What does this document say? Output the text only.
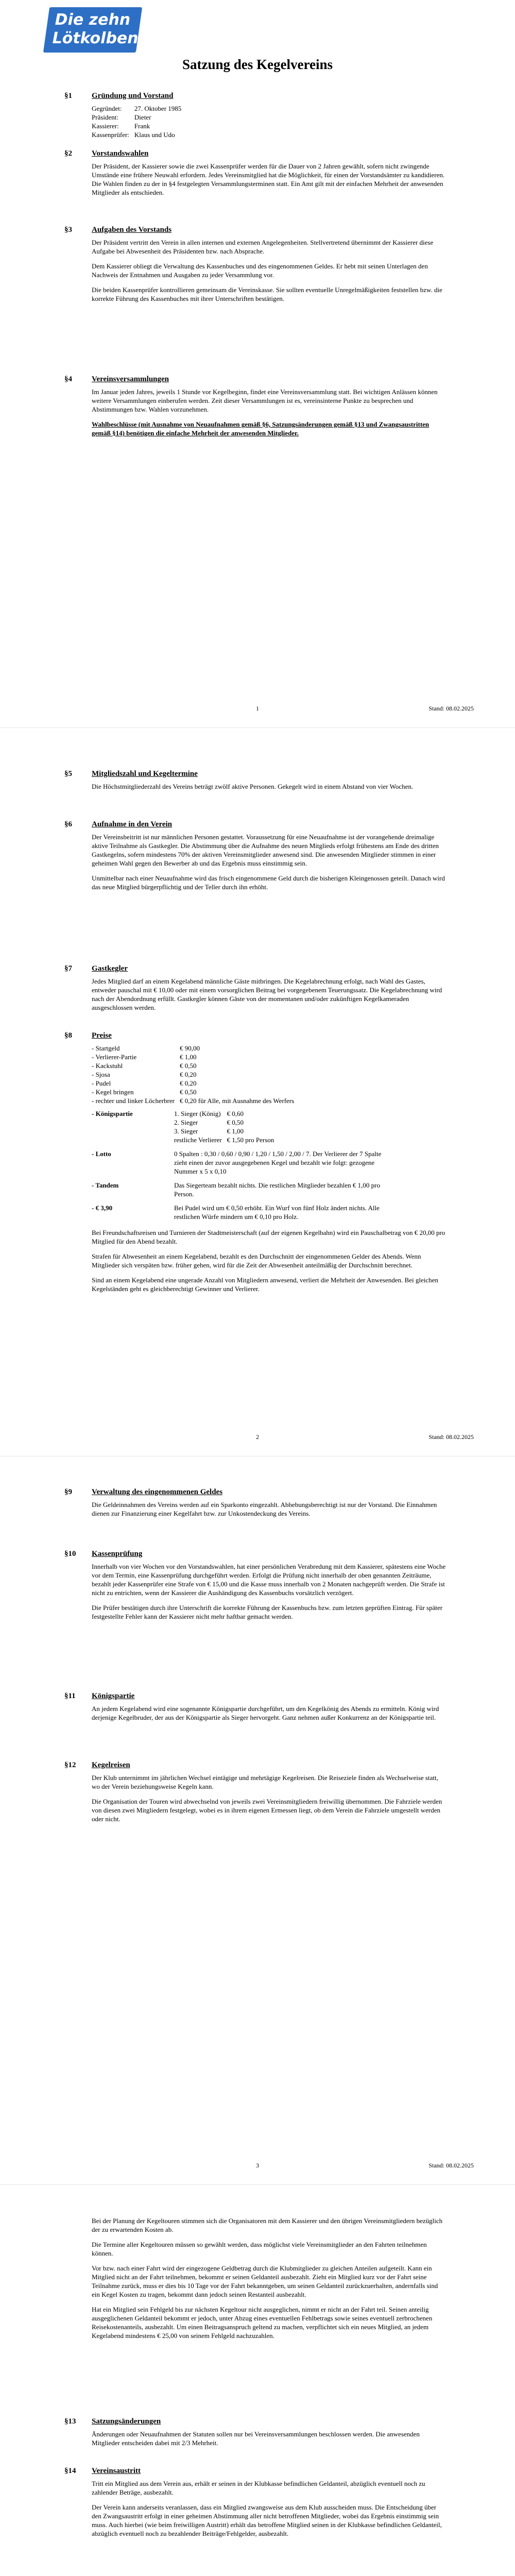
Die zehn
Lötkolben
Satzung des Kegelvereins
§1	Gründung und Vorstand
Gegründet:	27. Oktober 1985
Präsident:	Dieter
Kassierer:	Frank
Kassenprüfer:	Klaus und Udo
§2	Vorstandswahlen

Der Präsident, der Kassierer sowie die zwei Kassenprüfer werden für die Dauer von 2 Jahren gewählt, sofern nicht zwingende Umstände eine frühere Neuwahl erfordern. Jedes Vereinsmitglied hat die Möglichkeit, für einen der Vorstandsämter zu kandidieren. Die Wahlen finden zu der in §4 festgelegten Versammlungsterminen statt. Ein Amt gilt mit der einfachen Mehrheit der anwesenden Mitglieder als entschieden.

§3	Aufgaben des Vorstands

Der Präsident vertritt den Verein in allen internen und externen Angelegenheiten. Stellvertretend übernimmt der Kassierer diese Aufgabe bei Abwesenheit des Präsidenten bzw. nach Absprache.

Dem Kassierer obliegt die Verwaltung des Kassenbuches und des eingenommenen Geldes. Er hebt mit seinen Unterlagen den Nachweis der Entnahmen und Ausgaben zu jeder Versammlung vor.

Die beiden Kassenprüfer kontrollieren gemeinsam die Vereinskasse. Sie sollten eventuelle Unregelmäßigkeiten feststellen bzw. die korrekte Führung des Kassenbuches mit ihrer Unterschriften bestätigen.

§4	Vereinsversammlungen

Im Januar jeden Jahres, jeweils 1 Stunde vor Kegelbeginn, findet eine Vereinsversammlung statt. Bei wichtigen Anlässen können weitere Versammlungen einberufen werden. Zeit dieser Versammlungen ist es, vereinsinterne Punkte zu besprechen und Abstimmungen bzw. Wahlen vorzunehmen.

Wahlbeschlüsse (mit Ausnahme von Neuaufnahmen gemäß §6, Satzungsänderungen gemäß §13 und Zwangsaustritten gemäß §14) benötigen die einfache Mehrheit der anwesenden Mitglieder.

1	Stand: 08.02.2025
§5	Mitgliedszahl und Kegeltermine

Die Höchstmitgliederzahl des Vereins beträgt zwölf aktive Personen. Gekegelt wird in einem Abstand von vier Wochen.

§6	Aufnahme in den Verein

Der Vereinsbeitritt ist nur männlichen Personen gestattet. Voraussetzung für eine Neuaufnahme ist der vorangehende dreimalige aktive Teilnahme als Gastkegler. Die Abstimmung über die Aufnahme des neuen Mitglieds erfolgt frühestens am Ende des dritten Gastkegelns, sofern mindestens 70% der aktiven Vereinsmitglieder anwesend sind. Die anwesenden Mitglieder stimmen in einer geheimen Wahl gegen den Bewerber ab und das Ergebnis muss einstimmig sein.

Unmittelbar nach einer Neuaufnahme wird das frisch eingenommene Geld durch die bisherigen Kleingenossen geteilt. Danach wird das neue Mitglied bürgerpflichtig und der Teller durch ihn erhöht.

§7	Gastkegler

Jedes Mitglied darf an einem Kegelabend männliche Gäste mitbringen. Die Kegelabrechnung erfolgt, nach Wahl des Gastes, entweder pauschal mit € 10,00 oder mit einem vorsorglichen Beitrag bei vorgegebenem Teuerungssatz. Die Kegelabrechnung wird nach der Abendordnung erfüllt. Gastkegler können Gäste von der momentanen und/oder zukünftigen Kegelkameraden ausgeschlossen werden.

§8	Preise
- Startgeld	€ 90,00
- Verlierer-Partie	€ 1,00
- Kackstuhl	€ 0,50
- Sjosa	€ 0,20
- Pudel	€ 0,20
- Kegel bringen	€ 0,50
- rechter und linker Löcherbrer	€ 0,20 für Alle, mit Ausnahme des Werfers
- Königspartie	1. Sieger (König)	€ 0,60
	2. Sieger	€ 0,50
	3. Sieger	€ 1,00
	restliche Verlierer	€ 1,50 pro Person
- Lotto	0 Spalten : 0,30 / 0,60 / 0,90 / 1,20 / 1,50 / 2,00 / 7. Der Verlierer der 7 Spalte zieht einen der zuvor ausgegebenen Kegel und bezahlt wie folgt: gezogene Nummer x 5 x 0,10
- Tandem	Das Siegerteam bezahlt nichts. Die restlichen Mitglieder bezahlen € 1,00 pro Person.
- € 3,90	Bei Pudel wird um € 0,50 erhöht. Ein Wurf von fünf Holz ändert nichts. Alle restlichen Würfe mindern um € 0,10 pro Holz.

Bei Freundschaftsreisen und Turnieren der Stadtmeisterschaft (auf der eigenen Kegelbahn) wird ein Pauschalbetrag von € 20,00 pro Mitglied für den Abend bezahlt.

Strafen für Abwesenheit an einem Kegelabend, bezahlt es den Durchschnitt der eingenommenen Gelder des Abends. Wenn Mitglieder sich verspäten bzw. früher gehen, wird für die Zeit der Abwesenheit anteilmäßig der Durchschnitt berechnet.

Sind an einem Kegelabend eine ungerade Anzahl von Mitgliedern anwesend, verliert die Mehrheit der Anwesenden. Bei gleichen Kegelständen geht es gleichberechtigt Gewinner und Verlierer.

2	Stand: 08.02.2025
§9	Verwaltung des eingenommenen Geldes

Die Geldeinnahmen des Vereins werden auf ein Sparkonto eingezahlt. Abhebungsberechtigt ist nur der Vorstand. Die Einnahmen dienen zur Finanzierung einer Kegelfahrt bzw. zur Unkostendeckung des Vereins.

§10 Kassenprüfung

Innerhalb von vier Wochen vor den Vorstandswahlen, hat einer persönlichen Verabredung mit dem Kassierer, spätestens eine Woche vor dem Termin, eine Kassenprüfung durchgeführt werden. Erfolgt die Prüfung nicht innerhalb der oben genannten Zeiträume, bezahlt jeder Kassenprüfer eine Strafe von € 15,00 und die Kasse muss innerhalb von 2 Monaten nachgeprüft werden. Die Strafe ist nicht zu entrichten, wenn der Kassierer die Aushändigung des Kassenbuchs vorsätzlich verzögert.

Die Prüfer bestätigen durch ihre Unterschrift die korrekte Führung der Kassenbuchs bzw. zum letzten geprüften Eintrag. Für später festgestellte Fehler kann der Kassierer nicht mehr haftbar gemacht werden.

§11 Königspartie

An jedem Kegelabend wird eine sogenannte Königspartie durchgeführt, um den Kegelkönig des Abends zu ermitteln. König wird derjenige Kegelbruder, der aus der Königspartie als Sieger hervorgeht. Ganz nehmen außer Konkurrenz an der Königspartie teil.

§12 Kegelreisen

Der Klub unternimmt im jährlichen Wechsel eintägige und mehrtägige Kegelreisen. Die Reiseziele finden als Wechselweise statt, wo der Verein beziehungsweise Kegeln kann.

Die Organisation der Touren wird abwechselnd von jeweils zwei Vereinsmitgliedern freiwillig übernommen. Die Fahrziele werden von diesen zwei Mitgliedern festgelegt, wobei es in ihrem eigenen Ermessen liegt, ob dem Verein die Fahrziele umgestellt werden oder nicht.

3	Stand: 08.02.2025

Bei der Planung der Kegeltouren stimmen sich die Organisatoren mit dem Kassierer und den übrigen Vereinsmitgliedern bezüglich der zu erwartenden Kosten ab.

Die Termine aller Kegeltouren müssen so gewählt werden, dass möglichst viele Vereinsmitglieder an den Fahrten teilnehmen können.

Vor bzw. nach einer Fahrt wird der eingezogene Geldbetrag durch die Klubmitglieder zu gleichen Anteilen aufgeteilt. Kann ein Mitglied nicht an der Fahrt teilnehmen, bekommt er seinen Geldanteil ausbezahlt. Zieht ein Mitglied kurz vor der Fahrt seine Teilnahme zurück, muss er dies bis 10 Tage vor der Fahrt bekanntgeben, um seinen Geldanteil zurückzuerhalten, andernfalls sind ein Kegel Kosten zu tragen, bekommt dann jedoch seinen Restanteil ausbezahlt.

Hat ein Mitglied sein Fehlgeld bis zur nächsten Kegeltour nicht ausgeglichen, nimmt er nicht an der Fahrt teil. Seinen anteilig ausgeglichenen Geldanteil bekommt er jedoch, unter Abzug eines eventuellen Fehlbetrags sowie seines eventuell zerbrochenen Reisekostenanteils, ausbezahlt. Um einen Beitragsanspruch geltend zu machen, verpflichtet sich ein neues Mitglied, an jedem Kegelabend mindestens € 25,00 von seinem Fehlgeld nachzuzahlen.

§13 Satzungsänderungen

Änderungen oder Neuaufnahmen der Statuten sollen nur bei Vereinsversammlungen beschlossen werden. Die anwesenden Mitglieder entscheiden dabei mit 2/3 Mehrheit.

§14 Vereinsaustritt

Tritt ein Mitglied aus dem Verein aus, erhält er seinen in der Klubkasse befindlichen Geldanteil, abzüglich eventuell noch zu zahlender Beträge, ausbezahlt.

Der Verein kann anderseits veranlassen, dass ein Mitglied zwangsweise aus dem Klub ausscheiden muss. Die Entscheidung über den Zwangsaustritt erfolgt in einer geheimen Abstimmung aller nicht betroffenen Mitglieder, wobei das Ergebnis einstimmig sein muss. Auch hierbei (wie beim freiwilligen Austritt) erhält das betroffene Mitglied seinen in der Klubkasse befindlichen Geldanteil, abzüglich eventuell noch zu bezahlender Beiträge/Fehlgelder, ausbezahlt.
